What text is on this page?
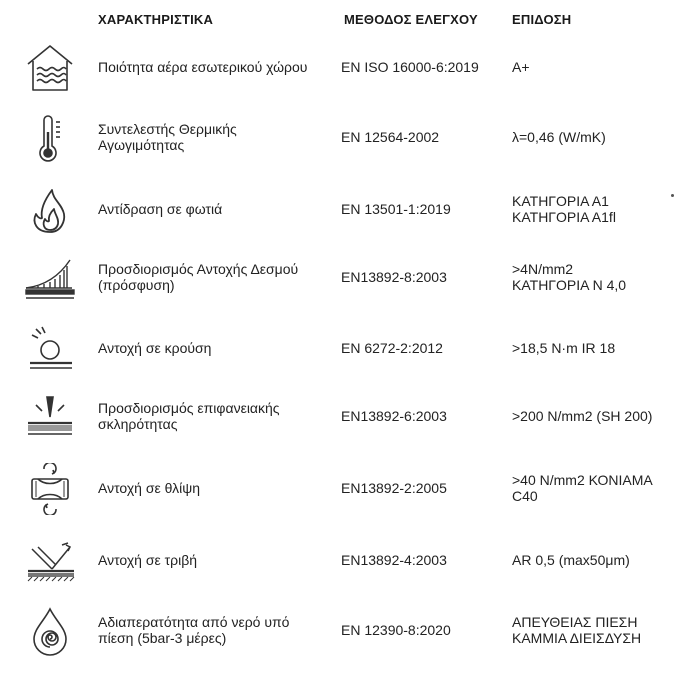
ΧΑΡΑΚΤΗΡΙΣΤΙΚΑ	ΜΕΘΟΔΟΣ ΕΛΕΓΧΟΥ	ΕΠΙΔΟΣΗ
Ποιότητα αέρα εσωτερικού χώρου	EN ISO 16000-6:2019	A+
Συντελεστής Θερμικής
Αγωγιμότητας	EN 12564-2002	λ=0,46 (W/mK)
Αντίδραση σε φωτιά	EN 13501-1:2019	ΚΑΤΗΓΟΡΙΑ Α1
ΚΑΤΗΓΟΡΙΑ Α1fl
Προσδιορισμός Αντοχής Δεσμού
(πρόσφυση)	EN13892-8:2003	>4N/mm2
ΚΑΤΗΓΟΡΙΑ Ν 4,0
Αντοχή σε κρούση	EN 6272-2:2012	>18,5 N·m IR 18
Προσδιορισμός επιφανειακής
σκληρότητας	EN13892-6:2003	>200 N/mm2 (SH 200)
Αντοχή σε θλίψη	EN13892-2:2005	>40 N/mm2 ΚΟΝΙΑΜΑ
C40
Αντοχή σε τριβή	EN13892-4:2003	AR 0,5 (max50μm)
Αδιαπερατότητα από νερό υπό
πίεση (5bar-3 μέρες)	EN 12390-8:2020	ΑΠΕΥΘΕΙΑΣ ΠΙΕΣΗ
ΚΑΜΜΙΑ ΔΙΕΙΣΔΥΣΗ
